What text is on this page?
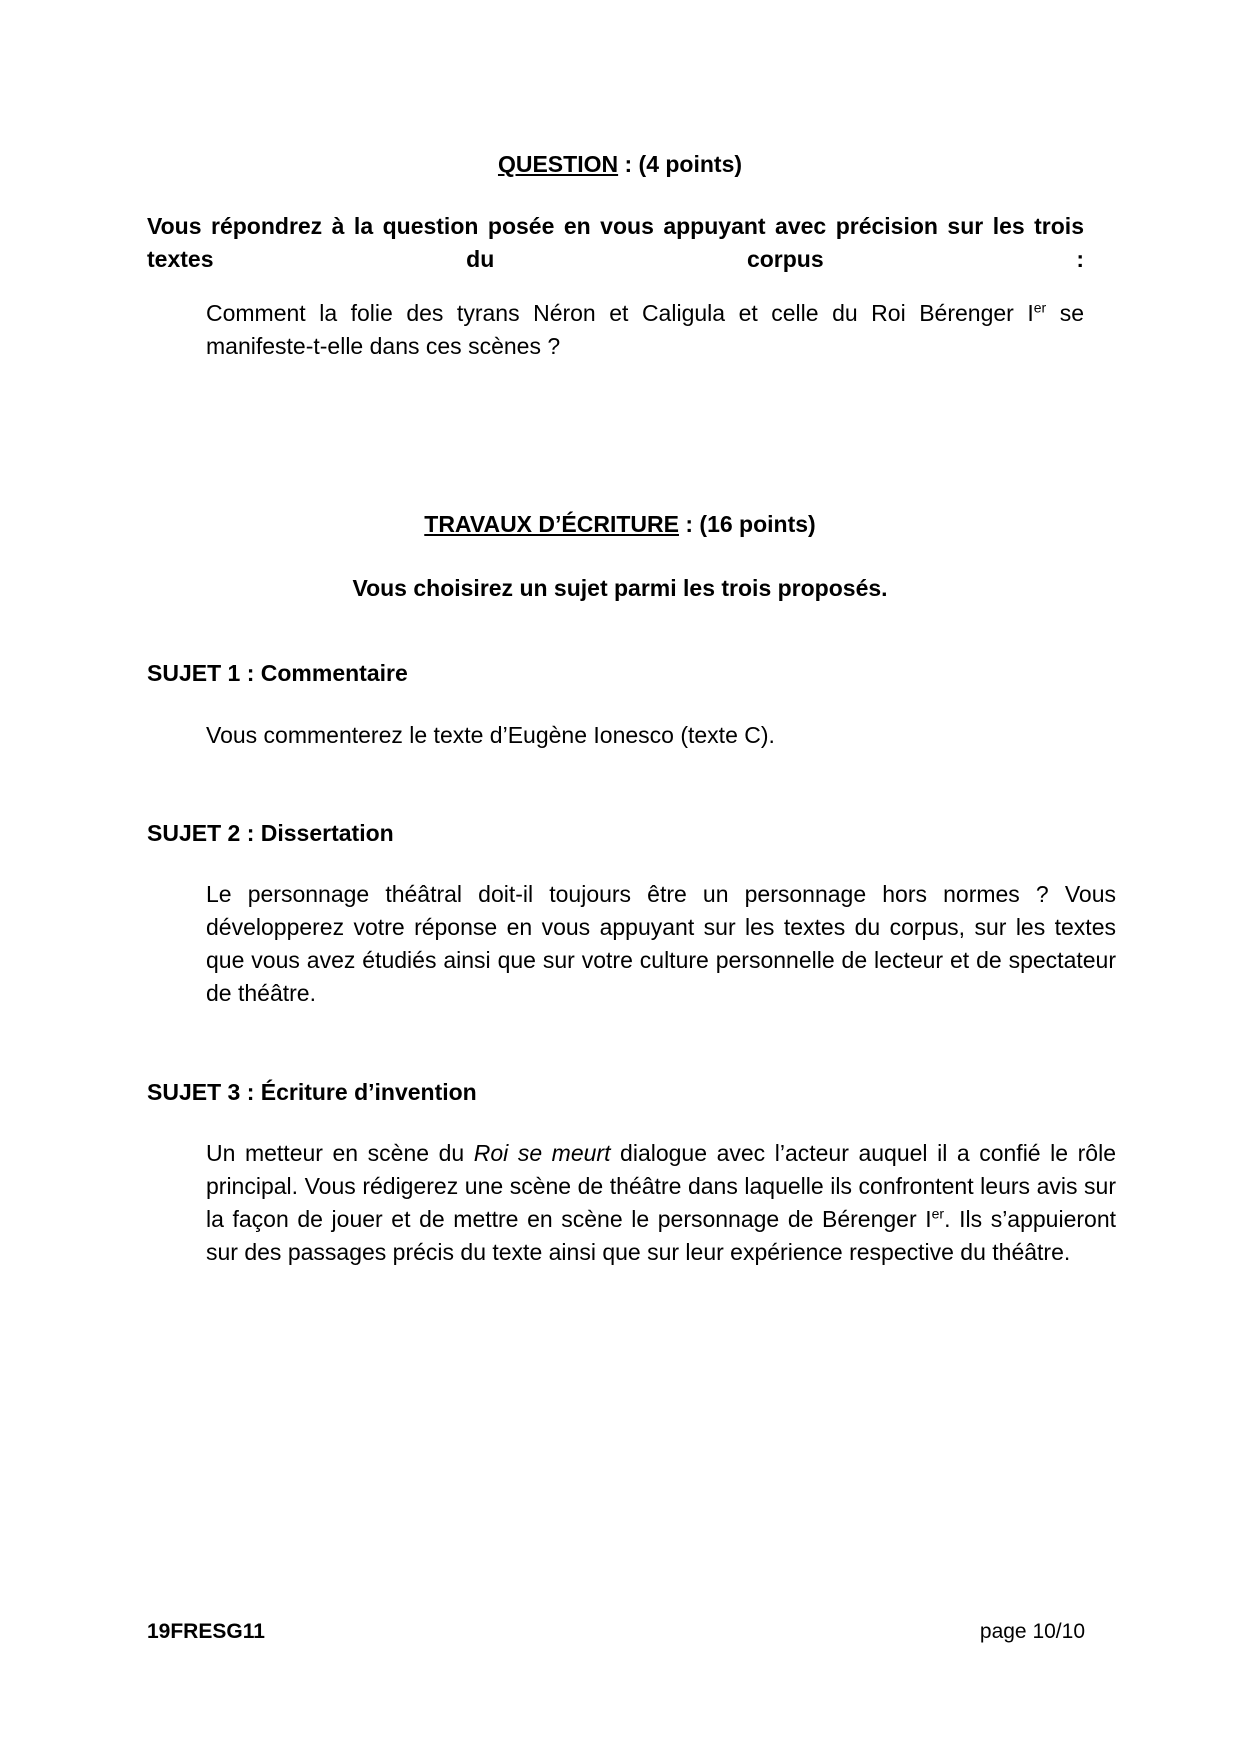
QUESTION : (4 points)

Vous répondrez à la question posée en vous appuyant avec précision sur les trois textes du corpus :

Comment la folie des tyrans Néron et Caligula et celle du Roi Bérenger Ier se manifeste-t-elle dans ces scènes ?

TRAVAUX D’ÉCRITURE : (16 points)

Vous choisirez un sujet parmi les trois proposés.

SUJET 1 : Commentaire

Vous commenterez le texte d’Eugène Ionesco (texte C).

SUJET 2 : Dissertation

Le personnage théâtral doit-il toujours être un personnage hors normes ? Vous développerez votre réponse en vous appuyant sur les textes du corpus, sur les textes que vous avez étudiés ainsi que sur votre culture personnelle de lecteur et de spectateur de théâtre.

SUJET 3 : Écriture d’invention

Un metteur en scène du Roi se meurt dialogue avec l’acteur auquel il a confié le rôle principal. Vous rédigerez une scène de théâtre dans laquelle ils confrontent leurs avis sur la façon de jouer et de mettre en scène le personnage de Bérenger Ier. Ils s’appuieront sur des passages précis du texte ainsi que sur leur expérience respective du théâtre.

19FRESG11	page 10/10
